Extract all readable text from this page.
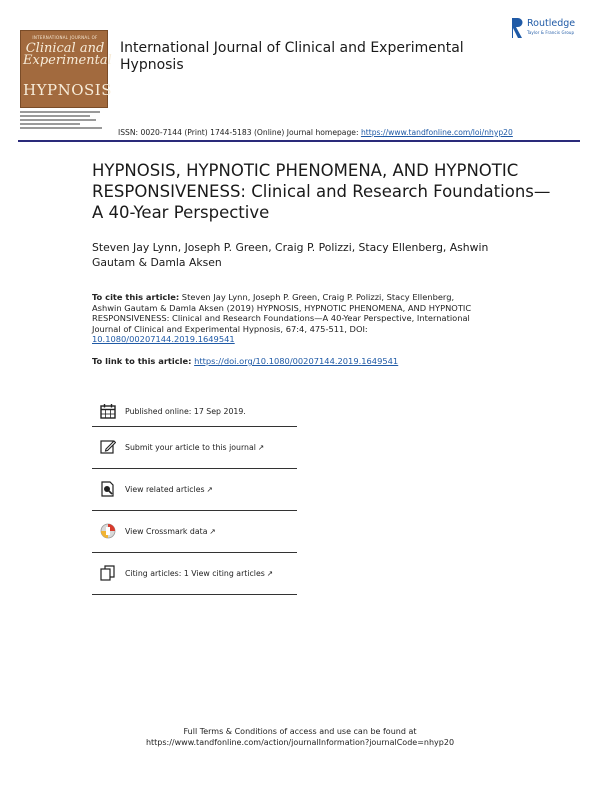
INTERNATIONAL JOURNAL OF
Clinical and Experimental
HYPNOSIS
International Journal of Clinical and Experimental Hypnosis
Routledge
Taylor & Francis Group
ISSN: 0020-7144 (Print) 1744-5183 (Online) Journal homepage: https://www.tandfonline.com/loi/nhyp20
HYPNOSIS, HYPNOTIC PHENOMENA, AND HYPNOTIC RESPONSIVENESS: Clinical and Research Foundations—A 40-Year Perspective
Steven Jay Lynn, Joseph P. Green, Craig P. Polizzi, Stacy Ellenberg, Ashwin Gautam & Damla Aksen
To cite this article: Steven Jay Lynn, Joseph P. Green, Craig P. Polizzi, Stacy Ellenberg, Ashwin Gautam & Damla Aksen (2019) HYPNOSIS, HYPNOTIC PHENOMENA, AND HYPNOTIC RESPONSIVENESS: Clinical and Research Foundations—A 40-Year Perspective, International Journal of Clinical and Experimental Hypnosis, 67:4, 475-511, DOI: 10.1080/00207144.2019.1649541
To link to this article: https://doi.org/10.1080/00207144.2019.1649541
Published online: 17 Sep 2019.
Submit your article to this journal ↗
View related articles ↗
View Crossmark data ↗
Citing articles: 1 View citing articles ↗
Full Terms & Conditions of access and use can be found at
https://www.tandfonline.com/action/journalInformation?journalCode=nhyp20
